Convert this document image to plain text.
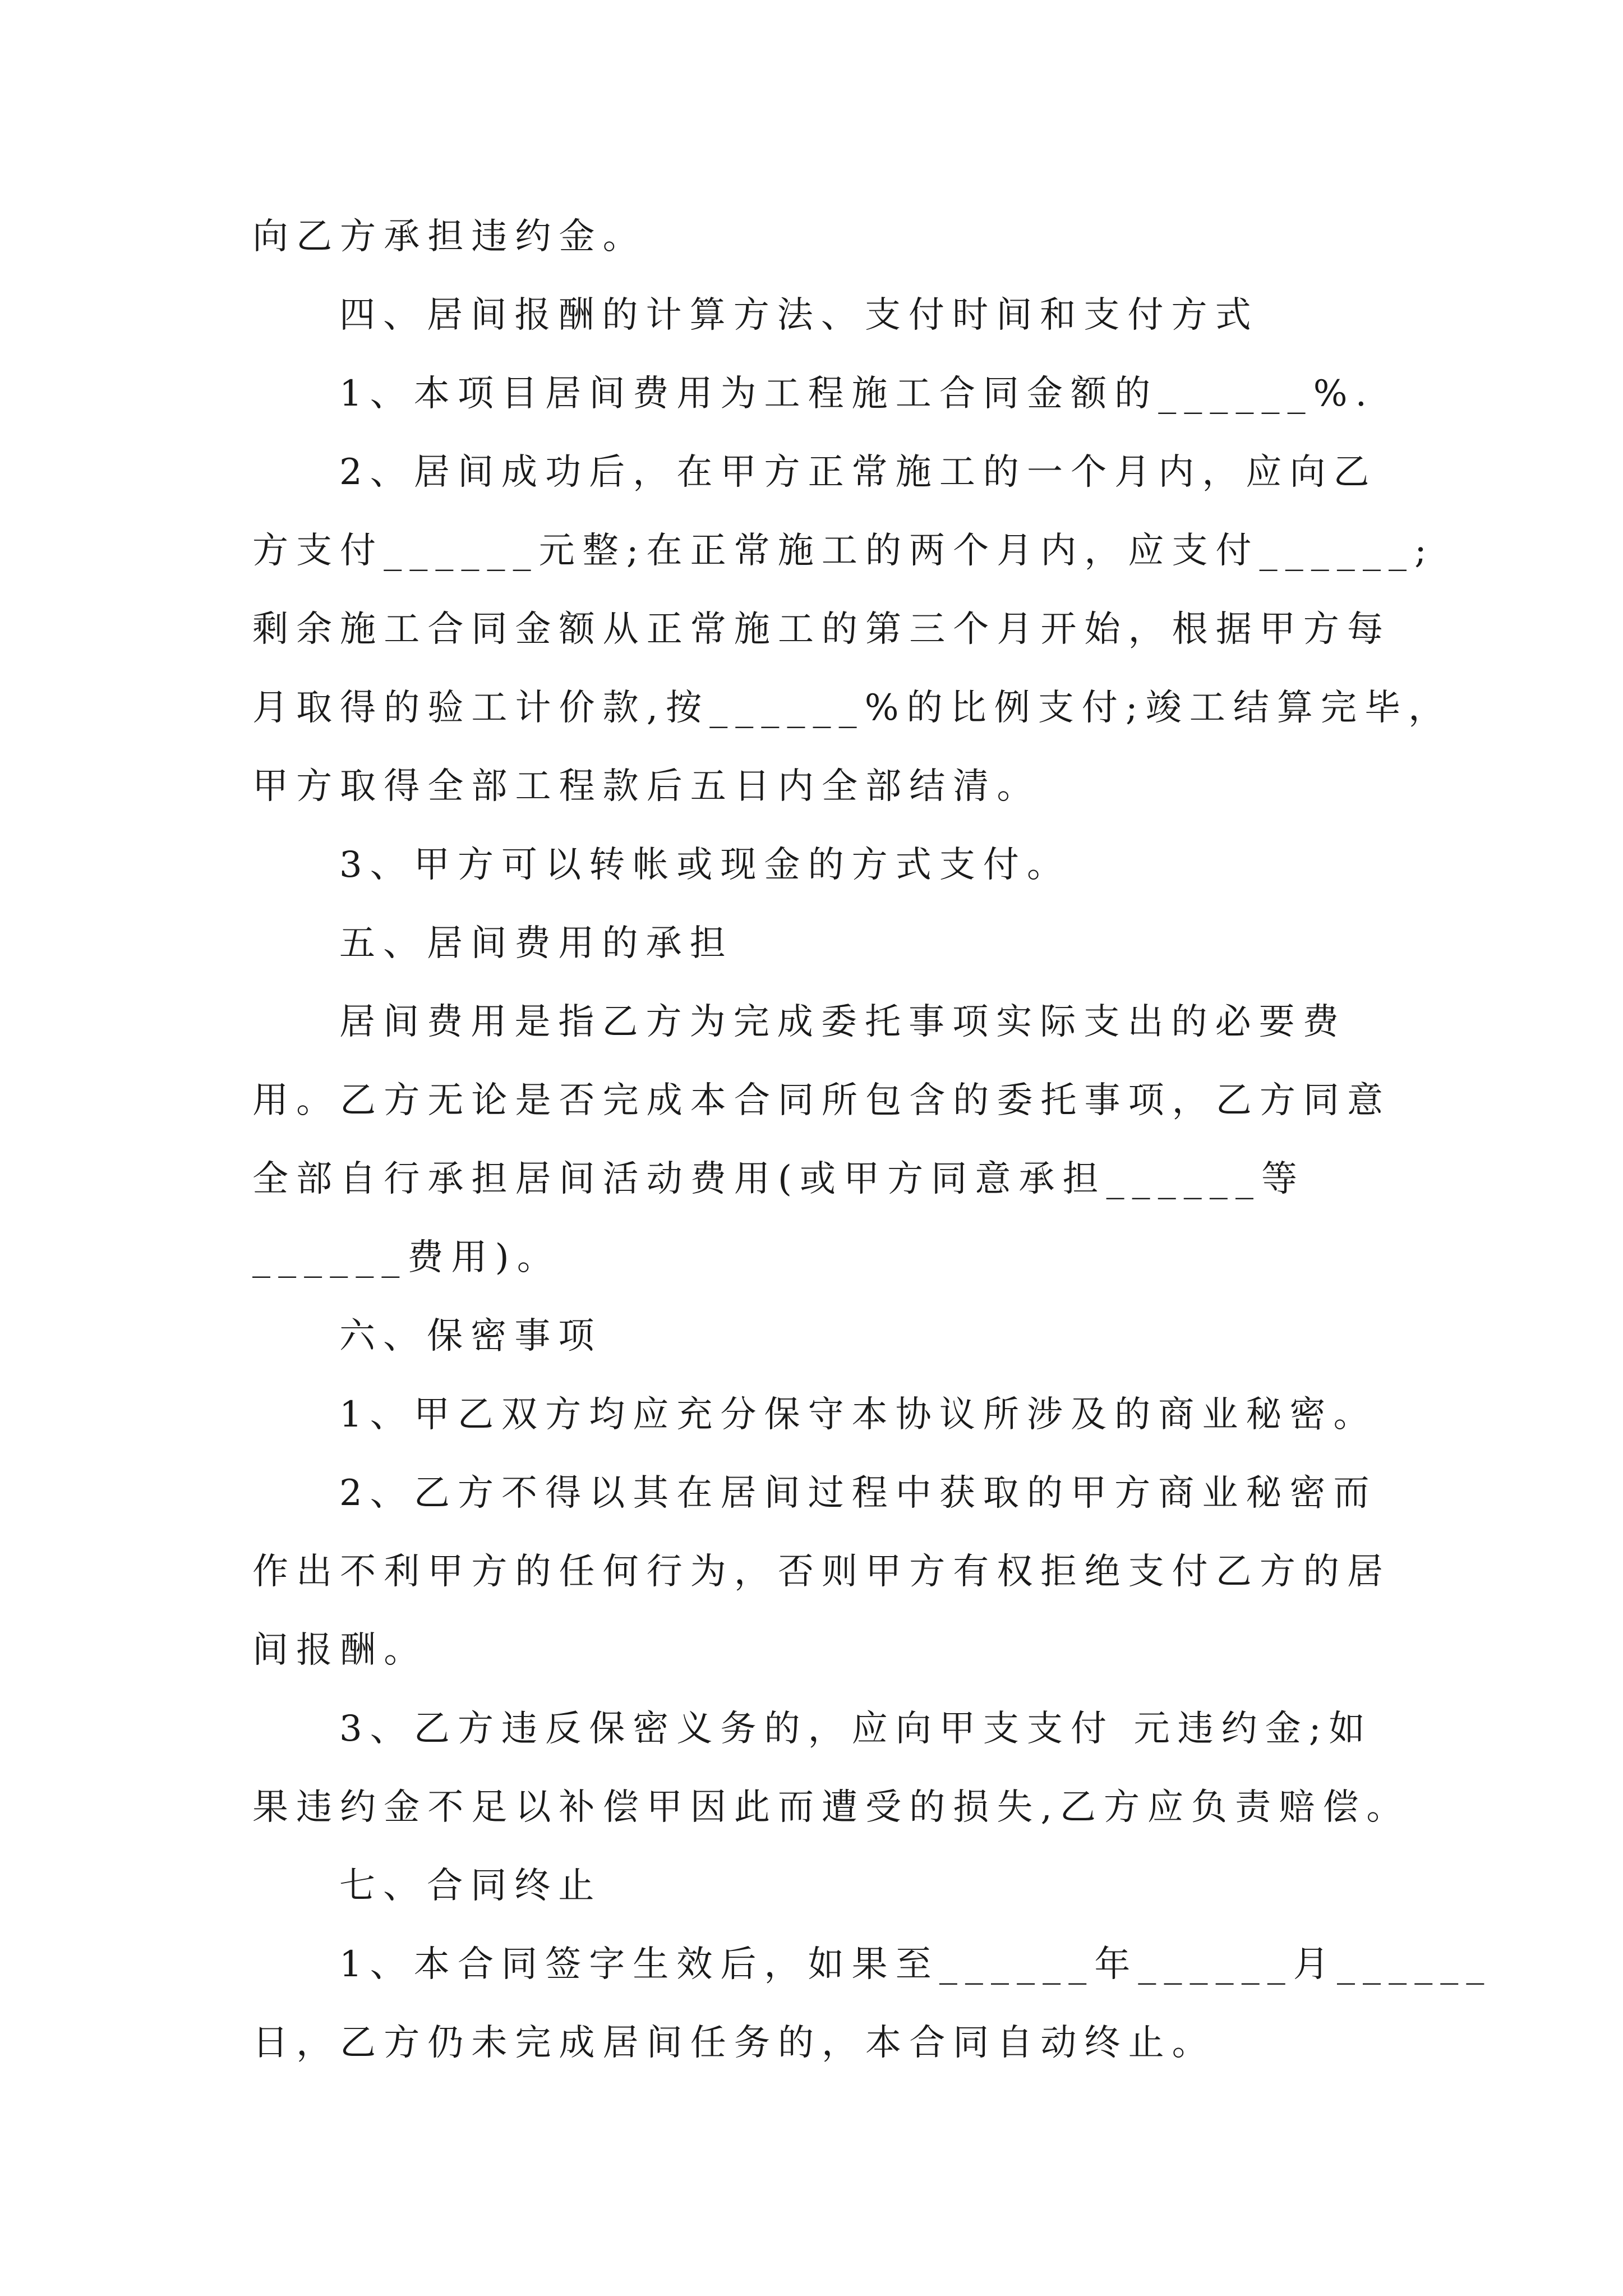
向乙方承担违约金。
四、居间报酬的计算方法、支付时间和支付方式
1、本项目居间费用为工程施工合同金额的______%.
2、居间成功后，在甲方正常施工的一个月内，应向乙
方支付______元整;在正常施工的两个月内，应支付______;
剩余施工合同金额从正常施工的第三个月开始，根据甲方每
月取得的验工计价款,按______%的比例支付;竣工结算完毕，
甲方取得全部工程款后五日内全部结清。
3、甲方可以转帐或现金的方式支付。
五、居间费用的承担
居间费用是指乙方为完成委托事项实际支出的必要费
用。乙方无论是否完成本合同所包含的委托事项，乙方同意
全部自行承担居间活动费用(或甲方同意承担______等
______费用)。
六、保密事项
1、甲乙双方均应充分保守本协议所涉及的商业秘密。
2、乙方不得以其在居间过程中获取的甲方商业秘密而
作出不利甲方的任何行为，否则甲方有权拒绝支付乙方的居
间报酬。
3、乙方违反保密义务的，应向甲支支付 元违约金;如
果违约金不足以补偿甲因此而遭受的损失,乙方应负责赔偿。
七、合同终止
1、本合同签字生效后，如果至______年______月______
日，乙方仍未完成居间任务的，本合同自动终止。
